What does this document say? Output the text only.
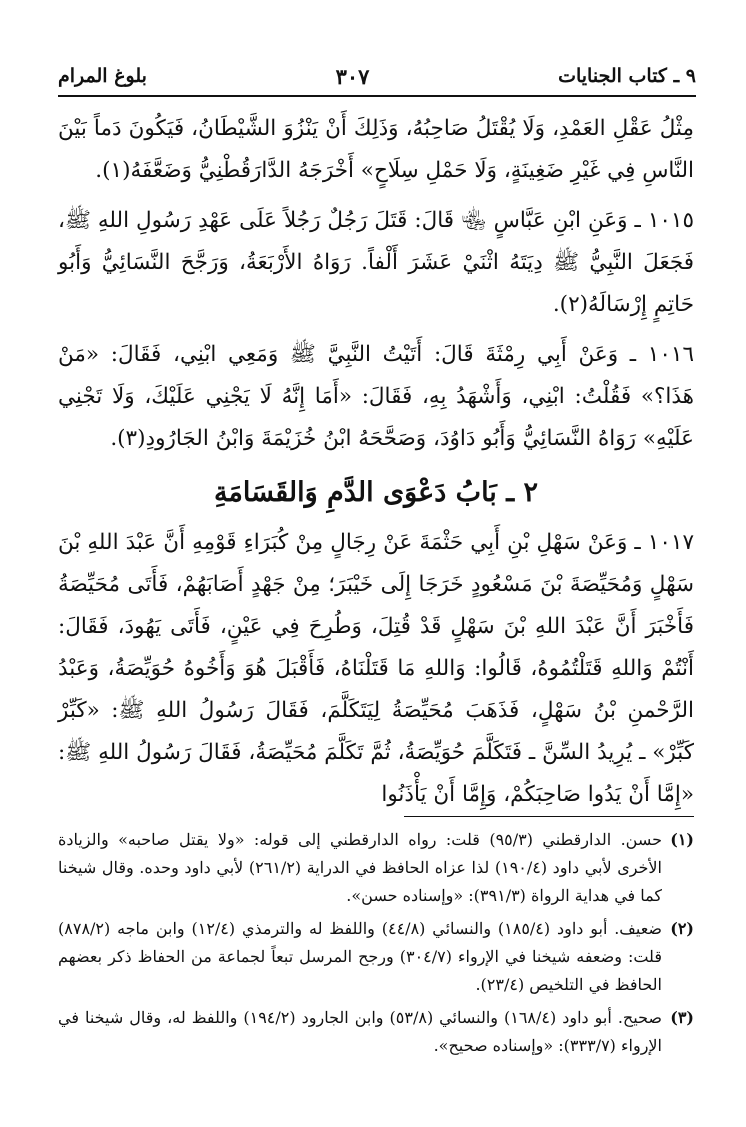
٩ ـ كتاب الجنايات
٣٠٧
بلوغ المرام

مِثْلُ عَقْلِ العَمْدِ، وَلَا يُقْتَلُ صَاحِبُهُ، وَذَلِكَ أَنْ يَنْزُوَ الشَّيْطَانُ، فَيَكُونَ دَماً بَيْنَ النَّاسِ فِي غَيْرِ ضَغِينَةٍ، وَلَا حَمْلِ سِلَاحٍ» أَخْرَجَهُ الدَّارَقُطْنِيُّ وَضَعَّفَهُ(١).

١٠١٥ ـ وَعَنِ ابْنِ عَبَّاسٍ ﵄ قَالَ: قَتَلَ رَجُلٌ رَجُلاً عَلَى عَهْدِ رَسُولِ اللهِ ﷺ، فَجَعَلَ النَّبِيُّ ﷺ دِيَتَهُ اثْنَيْ عَشَرَ أَلْفاً. رَوَاهُ الأَرْبَعَةُ، وَرَجَّحَ النَّسَائِيُّ وَأَبُو حَاتِمٍ إِرْسَالَهُ(٢).

١٠١٦ ـ وَعَنْ أَبِي رِمْثَةَ قَالَ: أَتَيْتُ النَّبِيَّ ﷺ وَمَعِي ابْنِي، فَقَالَ: «مَنْ هَذَا؟» فَقُلْتُ: ابْنِي، وَأَشْهَدُ بِهِ، فَقَالَ: «أَمَا إِنَّهُ لَا يَجْنِي عَلَيْكَ، وَلَا تَجْنِي عَلَيْهِ» رَوَاهُ النَّسَائِيُّ وَأَبُو دَاوُدَ، وَصَحَّحَهُ ابْنُ خُزَيْمَةَ وَابْنُ الجَارُودِ(٣).

٢ ـ بَابُ دَعْوَى الدَّمِ وَالقَسَامَةِ

١٠١٧ ـ وَعَنْ سَهْلِ بْنِ أَبِي حَثْمَةَ عَنْ رِجَالٍ مِنْ كُبَرَاءِ قَوْمِهِ أَنَّ عَبْدَ اللهِ بْنَ سَهْلٍ وَمُحَيِّصَةَ بْنَ مَسْعُودٍ خَرَجَا إِلَى خَيْبَرَ؛ مِنْ جَهْدٍ أَصَابَهُمْ، فَأَتَى مُحَيِّصَةُ فَأَخْبَرَ أَنَّ عَبْدَ اللهِ بْنَ سَهْلٍ قَدْ قُتِلَ، وَطُرِحَ فِي عَيْنٍ، فَأَتَى يَهُودَ، فَقَالَ: أَنْتُمْ وَاللهِ قَتَلْتُمُوهُ، قَالُوا: وَاللهِ مَا قَتَلْنَاهُ، فَأَقْبَلَ هُوَ وَأَخُوهُ حُوَيِّصَةُ، وَعَبْدُ الرَّحْمنِ بْنُ سَهْلٍ، فَذَهَبَ مُحَيِّصَةُ لِيَتَكَلَّمَ، فَقَالَ رَسُولُ اللهِ ﷺ: «كَبِّرْ كَبِّرْ» ـ يُرِيدُ السِّنَّ ـ فَتَكَلَّمَ حُوَيِّصَةُ، ثُمَّ تَكَلَّمَ مُحَيِّصَةُ، فَقَالَ رَسُولُ اللهِ ﷺ: «إِمَّا أَنْ يَدُوا صَاحِبَكُمْ، وَإِمَّا أَنْ يَأْذَنُوا

(١)
حسن. الدارقطني (٩٥/٣) قلت: رواه الدارقطني إلى قوله: «ولا يقتل صاحبه» والزيادة الأخرى لأبي داود (١٩٠/٤) لذا عزاه الحافظ في الدراية (٢٦١/٢) لأبي داود وحده. وقال شيخنا كما في هداية الرواة (٣٩١/٣): «وإسناده حسن».
(٢)
ضعيف. أبو داود (١٨٥/٤) والنسائي (٤٤/٨) واللفظ له والترمذي (١٢/٤) وابن ماجه (٨٧٨/٢) قلت: وضعفه شيخنا في الإرواء (٣٠٤/٧) ورجح المرسل تبعاً لجماعة من الحفاظ ذكر بعضهم الحافظ في التلخيص (٢٣/٤).
(٣)
صحيح. أبو داود (١٦٨/٤) والنسائي (٥٣/٨) وابن الجارود (١٩٤/٢) واللفظ له، وقال شيخنا في الإرواء (٣٣٣/٧): «وإسناده صحيح».
